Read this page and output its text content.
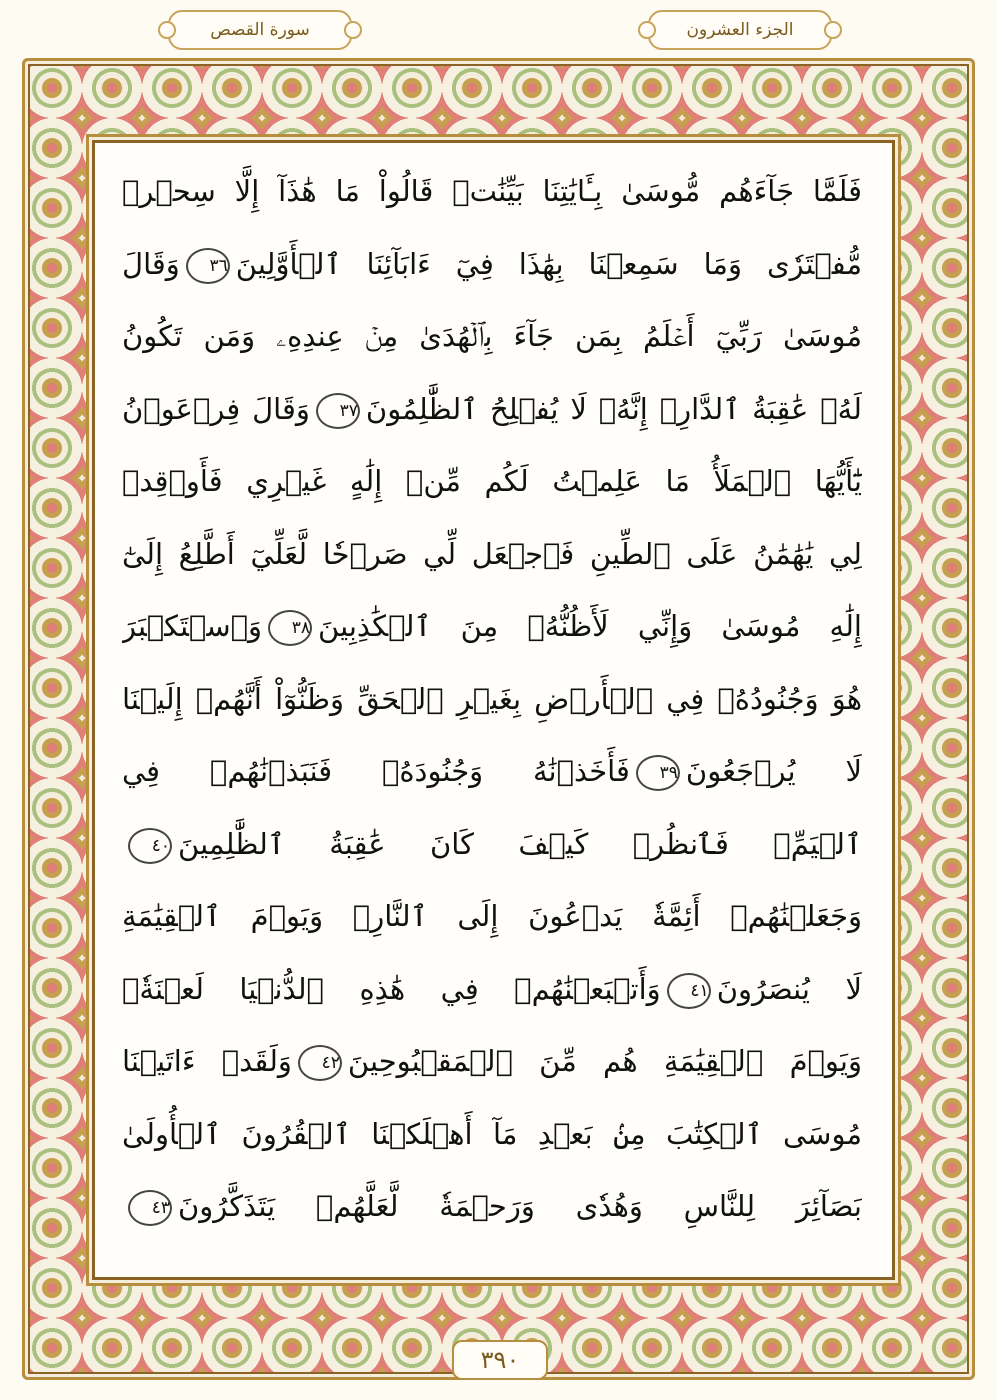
الجزء العشرون
سورة القصص
فَلَمَّا جَآءَهُم مُّوسَىٰ بِـَٔايَٰتِنَا بَيِّنَٰتٖ قَالُواْ مَا هَٰذَآ إِلَّا سِحۡرٞ
مُّفۡتَرٗى وَمَا سَمِعۡنَا بِهَٰذَا فِيٓ ءَابَآئِنَا ٱلۡأَوَّلِينَ٣٦وَقَالَ
مُوسَىٰ رَبِّيٓ أَعۡلَمُ بِمَن جَآءَ بِٱلۡهُدَىٰ مِنۡ عِندِهِۦ وَمَن تَكُونُ
لَهُۥ عَٰقِبَةُ ٱلدَّارِۚ إِنَّهُۥ لَا يُفۡلِحُ ٱلظَّٰلِمُونَ٣٧وَقَالَ فِرۡعَوۡنُ
يَٰٓأَيُّهَا ٱلۡمَلَأُ مَا عَلِمۡتُ لَكُم مِّنۡ إِلَٰهٍ غَيۡرِي فَأَوۡقِدۡ
لِي يَٰهَٰمَٰنُ عَلَى ٱلطِّينِ فَٱجۡعَل لِّي صَرۡحٗا لَّعَلِّيٓ أَطَّلِعُ إِلَىٰٓ
إِلَٰهِ مُوسَىٰ وَإِنِّي لَأَظُنُّهُۥ مِنَ ٱلۡكَٰذِبِينَ٣٨وَٱسۡتَكۡبَرَ
هُوَ وَجُنُودُهُۥ فِي ٱلۡأَرۡضِ بِغَيۡرِ ٱلۡحَقِّ وَظَنُّوٓاْ أَنَّهُمۡ إِلَيۡنَا
لَا يُرۡجَعُونَ٣٩فَأَخَذۡنَٰهُ وَجُنُودَهُۥ فَنَبَذۡنَٰهُمۡ فِي
ٱلۡيَمِّۖ فَٱنظُرۡ كَيۡفَ كَانَ عَٰقِبَةُ ٱلظَّٰلِمِينَ٤٠
وَجَعَلۡنَٰهُمۡ أَئِمَّةٗ يَدۡعُونَ إِلَى ٱلنَّارِۖ وَيَوۡمَ ٱلۡقِيَٰمَةِ
لَا يُنصَرُونَ٤١وَأَتۡبَعۡنَٰهُمۡ فِي هَٰذِهِ ٱلدُّنۡيَا لَعۡنَةٗۖ
وَيَوۡمَ ٱلۡقِيَٰمَةِ هُم مِّنَ ٱلۡمَقۡبُوحِينَ٤٢وَلَقَدۡ ءَاتَيۡنَا
مُوسَى ٱلۡكِتَٰبَ مِنۢ بَعۡدِ مَآ أَهۡلَكۡنَا ٱلۡقُرُونَ ٱلۡأُولَىٰ
بَصَآئِرَ لِلنَّاسِ وَهُدٗى وَرَحۡمَةٗ لَّعَلَّهُمۡ يَتَذَكَّرُونَ٤٣
٣٩٠
